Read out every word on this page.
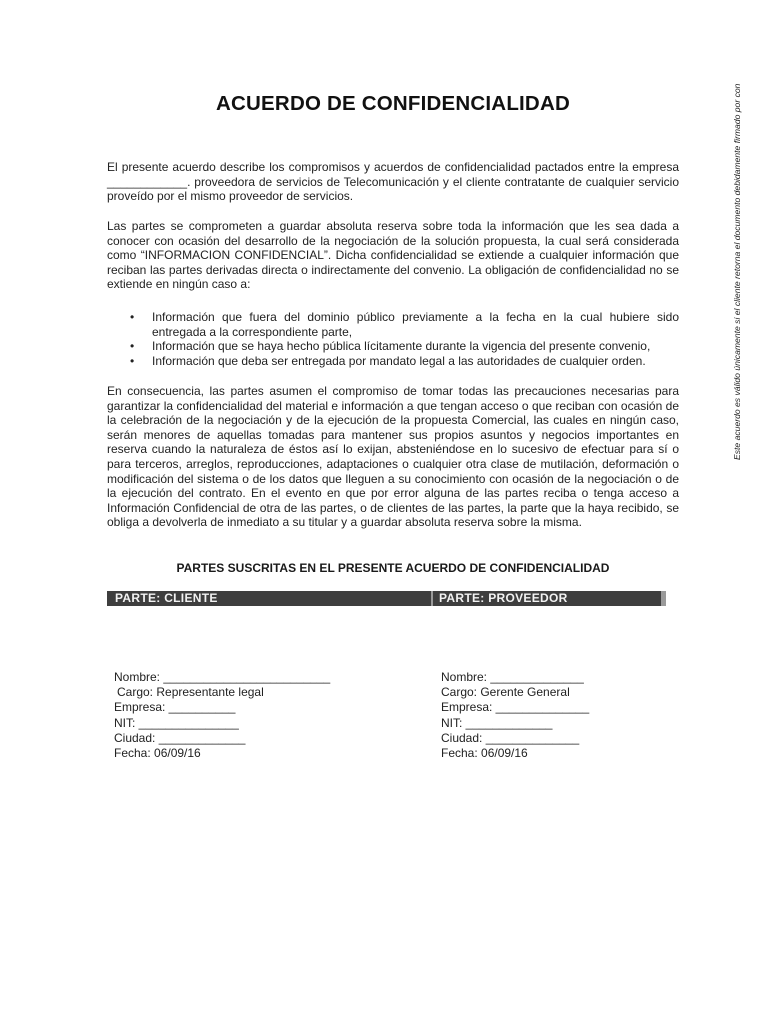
ACUERDO DE CONFIDENCIALIDAD

El presente acuerdo describe los compromisos y acuerdos de confidencialidad pactados entre la empresa ____________. proveedora de servicios de Telecomunicación y el cliente contratante de cualquier servicio proveído por el mismo proveedor de servicios.

Las partes se comprometen a guardar absoluta reserva sobre toda la información que les sea dada a conocer con ocasión del desarrollo de la negociación de la solución propuesta, la cual será considerada como “INFORMACION CONFIDENCIAL”. Dicha confidencialidad se extiende a cualquier información que reciban las partes derivadas directa o indirectamente del convenio. La obligación de confidencialidad no se extiende en ningún caso a:

• Información que fuera del dominio público previamente a la fecha en la cual hubiere sido entregada a la correspondiente parte,
• Información que se haya hecho pública lícitamente durante la vigencia del presente convenio,
• Información que deba ser entregada por mandato legal a las autoridades de cualquier orden.

En consecuencia, las partes asumen el compromiso de tomar todas las precauciones necesarias para garantizar la confidencialidad del material e información a que tengan acceso o que reciban con ocasión de la celebración de la negociación y de la ejecución de la propuesta Comercial, las cuales en ningún caso, serán menores de aquellas tomadas para mantener sus propios asuntos y negocios importantes en reserva cuando la naturaleza de éstos así lo exijan, absteniéndose en lo sucesivo de efectuar para sí o para terceros, arreglos, reproducciones, adaptaciones o cualquier otra clase de mutilación, deformación o modificación del sistema o de los datos que lleguen a su conocimiento con ocasión de la negociación o de la ejecución del contrato. En el evento en que por error alguna de las partes reciba o tenga acceso a Información Confidencial de otra de las partes, o de clientes de las partes, la parte que la haya recibido, se obliga a devolverla de inmediato a su titular y a guardar absoluta reserva sobre la misma.

PARTES SUSCRITAS EN EL PRESENTE ACUERDO DE CONFIDENCIALIDAD
PARTE: CLIENTE	PARTE: PROVEEDOR
Nombre: _________________________
Cargo: Representante legal
Empresa: __________
NIT: _______________
Ciudad: _____________
Fecha: 06/09/16
Nombre: ______________
Cargo: Gerente General
Empresa: ______________
NIT: _____________
Ciudad: ______________
Fecha: 06/09/16
Este acuerdo es válido únicamente si el cliente retorna el documento debidamente firmado por con
